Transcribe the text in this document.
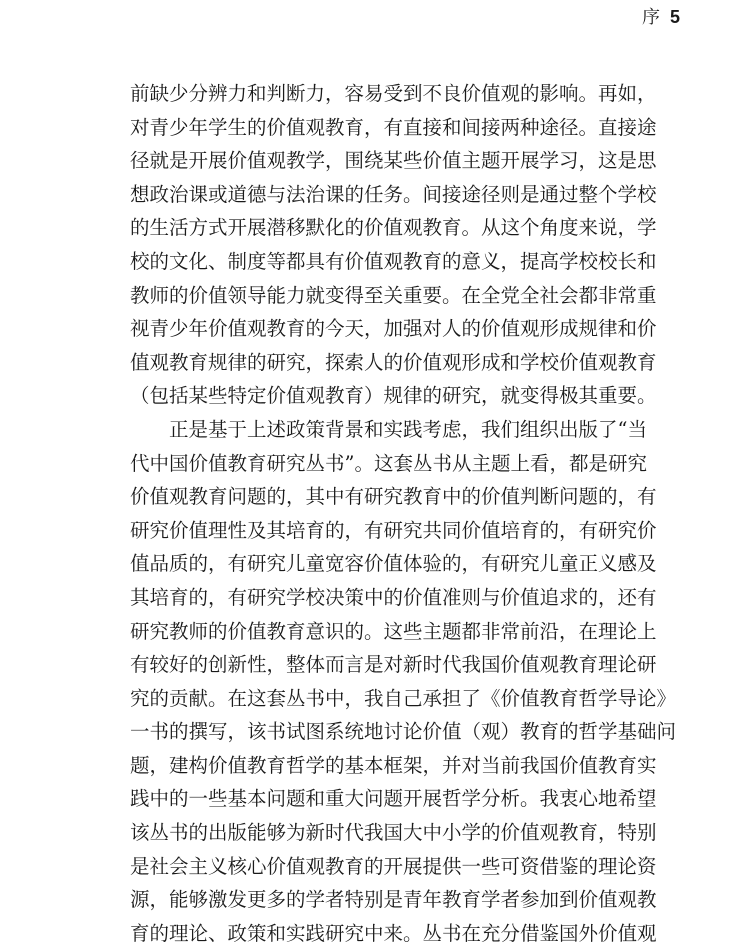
序 5
前缺少分辨力和判断力，容易受到不良价值观的影响。再如，
对青少年学生的价值观教育，有直接和间接两种途径。直接途
径就是开展价值观教学，围绕某些价值主题开展学习，这是思
想政治课或道德与法治课的任务。间接途径则是通过整个学校
的生活方式开展潜移默化的价值观教育。从这个角度来说，学
校的文化、制度等都具有价值观教育的意义，提高学校校长和
教师的价值领导能力就变得至关重要。在全党全社会都非常重
视青少年价值观教育的今天，加强对人的价值观形成规律和价
值观教育规律的研究，探索人的价值观形成和学校价值观教育
（包括某些特定价值观教育）规律的研究，就变得极其重要。
正是基于上述政策背景和实践考虑，我们组织出版了“当
代中国价值教育研究丛书”。这套丛书从主题上看，都是研究
价值观教育问题的，其中有研究教育中的价值判断问题的，有
研究价值理性及其培育的，有研究共同价值培育的，有研究价
值品质的，有研究儿童宽容价值体验的，有研究儿童正义感及
其培育的，有研究学校决策中的价值准则与价值追求的，还有
研究教师的价值教育意识的。这些主题都非常前沿，在理论上
有较好的创新性，整体而言是对新时代我国价值观教育理论研
究的贡献。在这套丛书中，我自己承担了《价值教育哲学导论》
一书的撰写，该书试图系统地讨论价值（观）教育的哲学基础问
题，建构价值教育哲学的基本框架，并对当前我国价值教育实
践中的一些基本问题和重大问题开展哲学分析。我衷心地希望
该丛书的出版能够为新时代我国大中小学的价值观教育，特别
是社会主义核心价值观教育的开展提供一些可资借鉴的理论资
源，能够激发更多的学者特别是青年教育学者参加到价值观教
育的理论、政策和实践研究中来。丛书在充分借鉴国外价值观
